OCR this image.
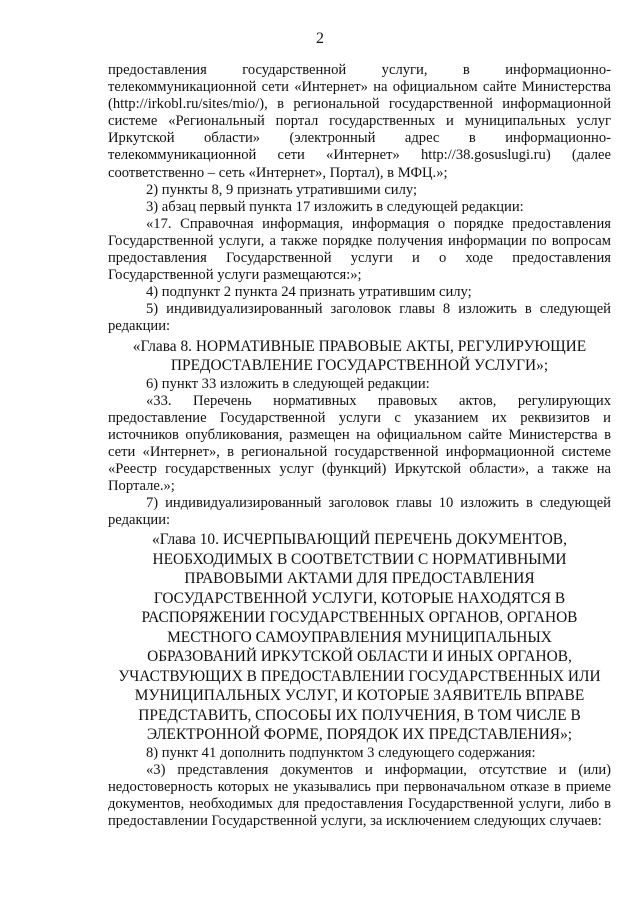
2

предоставления государственной услуги, в информационно-телекоммуникационной сети «Интернет» на официальном сайте Министерства (http://irkobl.ru/sites/mio/), в региональной государственной информационной системе «Региональный портал государственных и муниципальных услуг Иркутской области» (электронный адрес в информационно-телекоммуникационной сети «Интернет» http://38.gosuslugi.ru) (далее соответственно – сеть «Интернет», Портал), в МФЦ.»;

2) пункты 8, 9 признать утратившими силу;

3) абзац первый пункта 17 изложить в следующей редакции:

«17. Справочная информация, информация о порядке предоставления Государственной услуги, а также порядке получения информации по вопросам предоставления Государственной услуги и о ходе предоставления Государственной услуги размещаются:»;

4) подпункт 2 пункта 24 признать утратившим силу;

5) индивидуализированный заголовок главы 8 изложить в следующей редакции:

«Глава 8. НОРМАТИВНЫЕ ПРАВОВЫЕ АКТЫ, РЕГУЛИРУЮЩИЕ ПРЕДОСТАВЛЕНИЕ ГОСУДАРСТВЕННОЙ УСЛУГИ»;

6) пункт 33 изложить в следующей редакции:

«33. Перечень нормативных правовых актов, регулирующих предоставление Государственной услуги с указанием их реквизитов и источников опубликования, размещен на официальном сайте Министерства в сети «Интернет», в региональной государственной информационной системе «Реестр государственных услуг (функций) Иркутской области», а также на Портале.»;

7) индивидуализированный заголовок главы 10 изложить в следующей редакции:

«Глава 10. ИСЧЕРПЫВАЮЩИЙ ПЕРЕЧЕНЬ ДОКУМЕНТОВ, НЕОБХОДИМЫХ В СООТВЕТСТВИИ С НОРМАТИВНЫМИ ПРАВОВЫМИ АКТАМИ ДЛЯ ПРЕДОСТАВЛЕНИЯ ГОСУДАРСТВЕННОЙ УСЛУГИ, КОТОРЫЕ НАХОДЯТСЯ В РАСПОРЯЖЕНИИ ГОСУДАРСТВЕННЫХ ОРГАНОВ, ОРГАНОВ МЕСТНОГО САМОУПРАВЛЕНИЯ МУНИЦИПАЛЬНЫХ ОБРАЗОВАНИЙ ИРКУТСКОЙ ОБЛАСТИ И ИНЫХ ОРГАНОВ, УЧАСТВУЮЩИХ В ПРЕДОСТАВЛЕНИИ ГОСУДАРСТВЕННЫХ ИЛИ МУНИЦИПАЛЬНЫХ УСЛУГ, И КОТОРЫЕ ЗАЯВИТЕЛЬ ВПРАВЕ ПРЕДСТАВИТЬ, СПОСОБЫ ИХ ПОЛУЧЕНИЯ, В ТОМ ЧИСЛЕ В ЭЛЕКТРОННОЙ ФОРМЕ, ПОРЯДОК ИХ ПРЕДСТАВЛЕНИЯ»;

8) пункт 41 дополнить подпунктом 3 следующего содержания:

«3) представления документов и информации, отсутствие и (или) недостоверность которых не указывались при первоначальном отказе в приеме документов, необходимых для предоставления Государственной услуги, либо в предоставлении Государственной услуги, за исключением следующих случаев:
